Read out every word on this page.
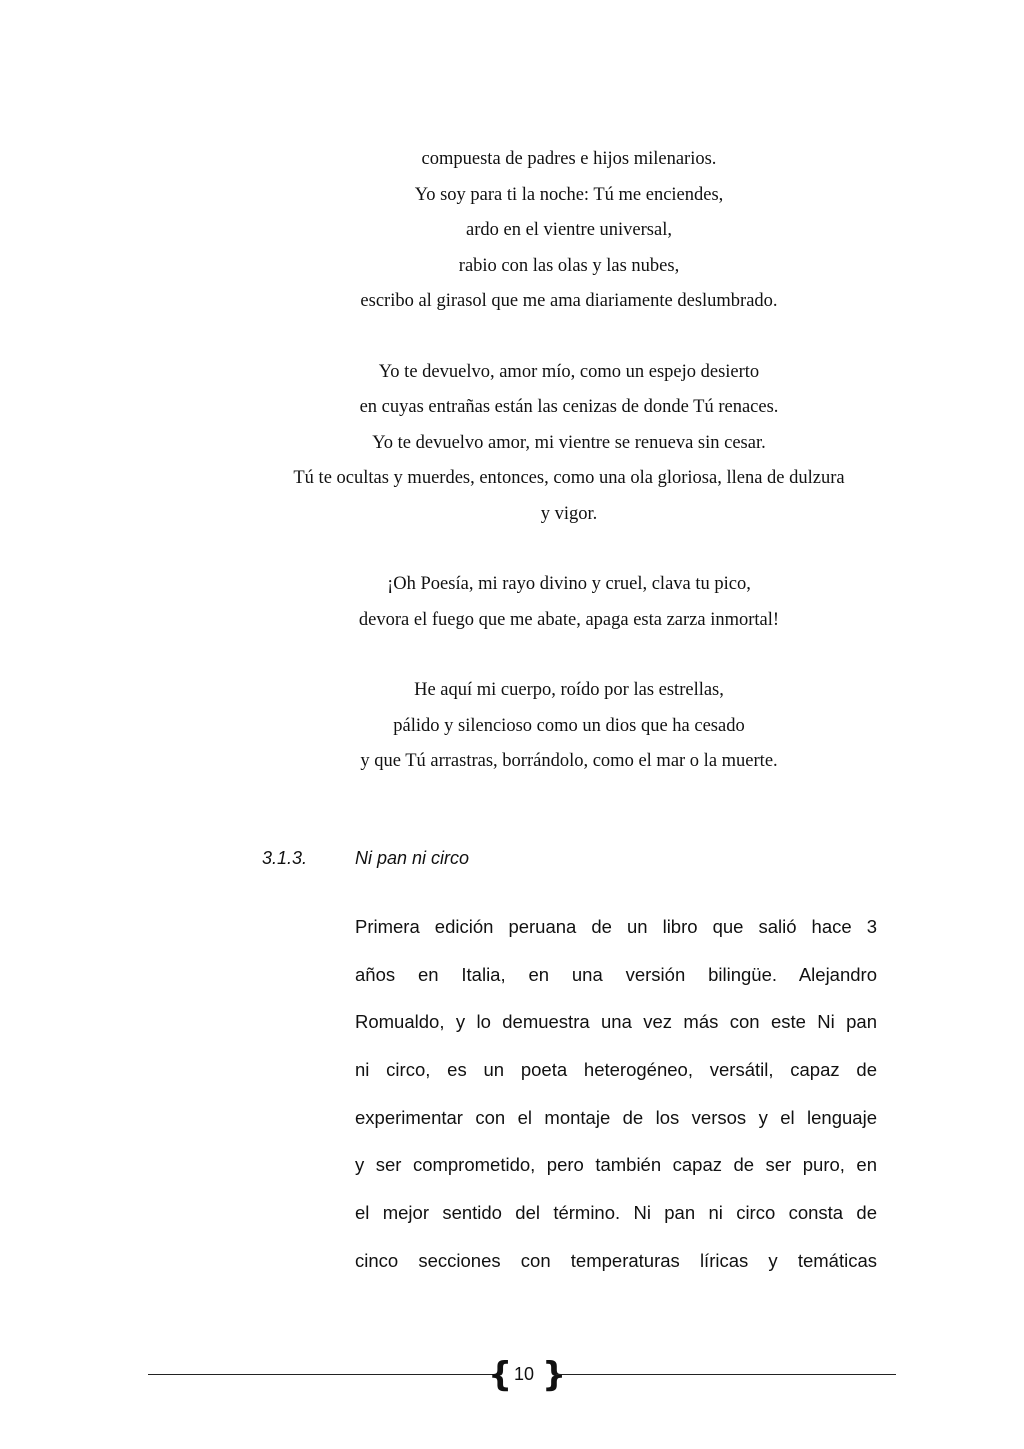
compuesta de padres e hijos milenarios.
Yo soy para ti la noche: Tú me enciendes,
ardo en el vientre universal,
rabio con las olas y las nubes,
escribo al girasol que me ama diariamente deslumbrado.
Yo te devuelvo, amor mío, como un espejo desierto
en cuyas entrañas están las cenizas de donde Tú renaces.
Yo te devuelvo amor, mi vientre se renueva sin cesar.
Tú te ocultas y muerdes, entonces, como una ola gloriosa, llena de dulzura
y vigor.
¡Oh Poesía, mi rayo divino y cruel, clava tu pico,
devora el fuego que me abate, apaga esta zarza inmortal!
He aquí mi cuerpo, roído por las estrellas,
pálido y silencioso como un dios que ha cesado
y que Tú arrastras, borrándolo, como el mar o la muerte.
3.1.3.	Ni pan ni circo
Primera edición peruana de un libro que salió hace 3
años en Italia, en una versión bilingüe. Alejandro
Romualdo, y lo demuestra una vez más con este Ni pan
ni circo, es un poeta heterogéneo, versátil, capaz de
experimentar con el montaje de los versos y el lenguaje
y ser comprometido, pero también capaz de ser puro, en
el mejor sentido del término. Ni pan ni circo consta de
cinco secciones con temperaturas líricas y temáticas
{ 10 }
